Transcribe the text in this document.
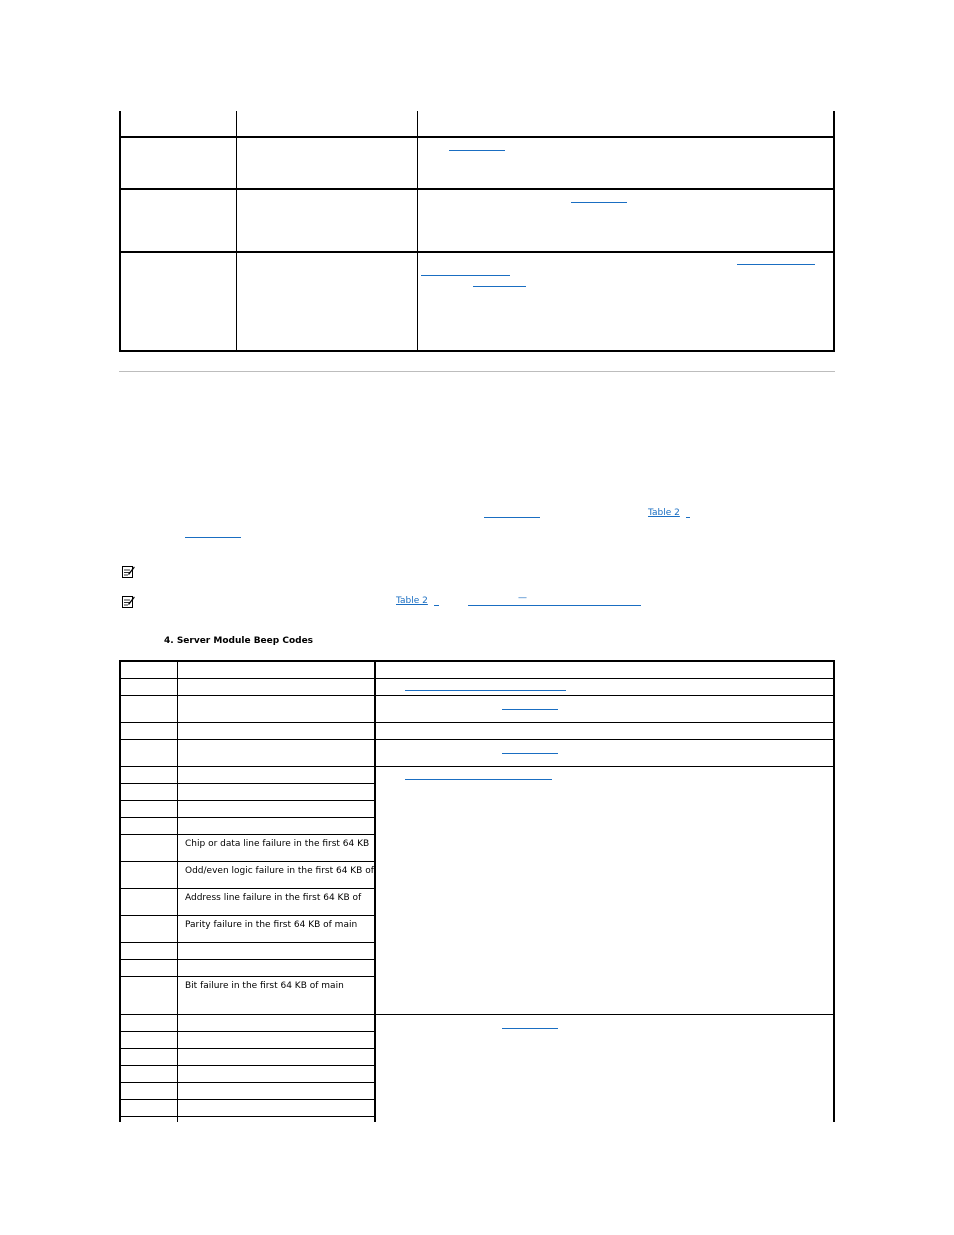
Table 2
Table 2	—
4. Server Module Beep Codes
Chip or data line failure in the first 64 KB
Odd/even logic failure in the first 64 KB of
Address line failure in the first 64 KB of
Parity failure in the first 64 KB of main
Bit failure in the first 64 KB of main
